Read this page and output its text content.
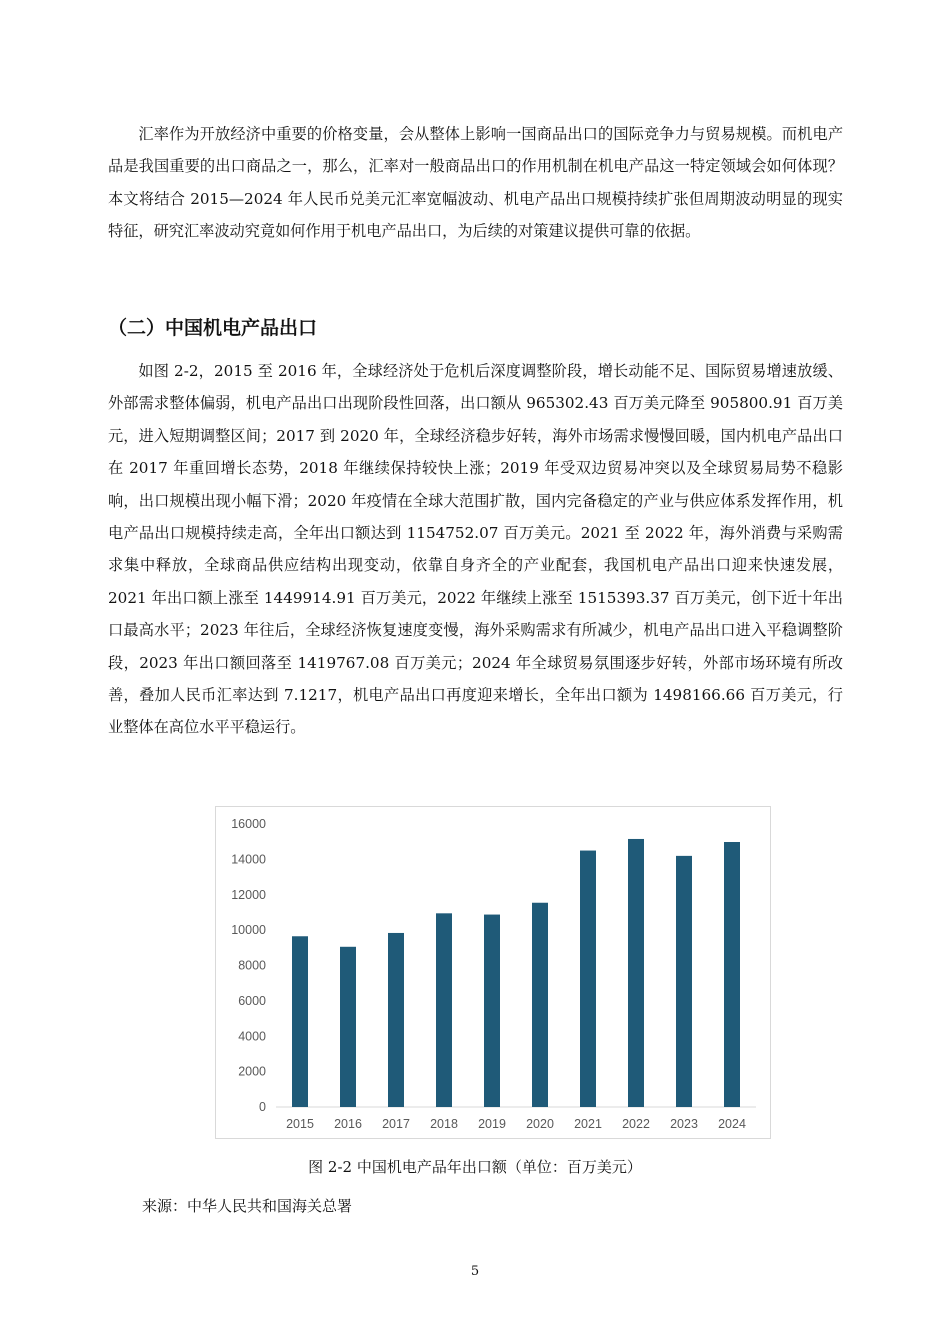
汇率作为开放经济中重要的价格变量，会从整体上影响一国商品出口的国际竞争力与贸易规模。而机电产品是我国重要的出口商品之一，那么，汇率对一般商品出口的作用机制在机电产品这一特定领域会如何体现？本文将结合 2015—2024 年人民币兑美元汇率宽幅波动、机电产品出口规模持续扩张但周期波动明显的现实特征，研究汇率波动究竟如何作用于机电产品出口，为后续的对策建议提供可靠的依据。

（二）中国机电产品出口

如图 2-2，2015 至 2016 年，全球经济处于危机后深度调整阶段，增长动能不足、国际贸易增速放缓、外部需求整体偏弱，机电产品出口出现阶段性回落，出口额从 965302.43 百万美元降至 905800.91 百万美元，进入短期调整区间；2017 到 2020 年，全球经济稳步好转，海外市场需求慢慢回暖，国内机电产品出口在 2017 年重回增长态势，2018 年继续保持较快上涨；2019 年受双边贸易冲突以及全球贸易局势不稳影响，出口规模出现小幅下滑；2020 年疫情在全球大范围扩散，国内完备稳定的产业与供应体系发挥作用，机电产品出口规模持续走高，全年出口额达到 1154752.07 百万美元。2021 至 2022 年，海外消费与采购需求集中释放，全球商品供应结构出现变动，依靠自身齐全的产业配套，我国机电产品出口迎来快速发展，2021 年出口额上涨至 1449914.91 百万美元，2022 年继续上涨至 1515393.37 百万美元，创下近十年出口最高水平；2023 年往后，全球经济恢复速度变慢，海外采购需求有所减少，机电产品出口进入平稳调整阶段，2023 年出口额回落至 1419767.08 百万美元；2024 年全球贸易氛围逐步好转，外部市场环境有所改善，叠加人民币汇率达到 7.1217，机电产品出口再度迎来增长，全年出口额为 1498166.66 百万美元，行业整体在高位水平平稳运行。

0
2000
4000
6000
8000
10000
12000
14000
16000
2015 2016 2017 2018 2019 2020 2021 2022 2023 2024

图 2-2 中国机电产品年出口额（单位：百万美元）

来源：中华人民共和国海关总署

5
